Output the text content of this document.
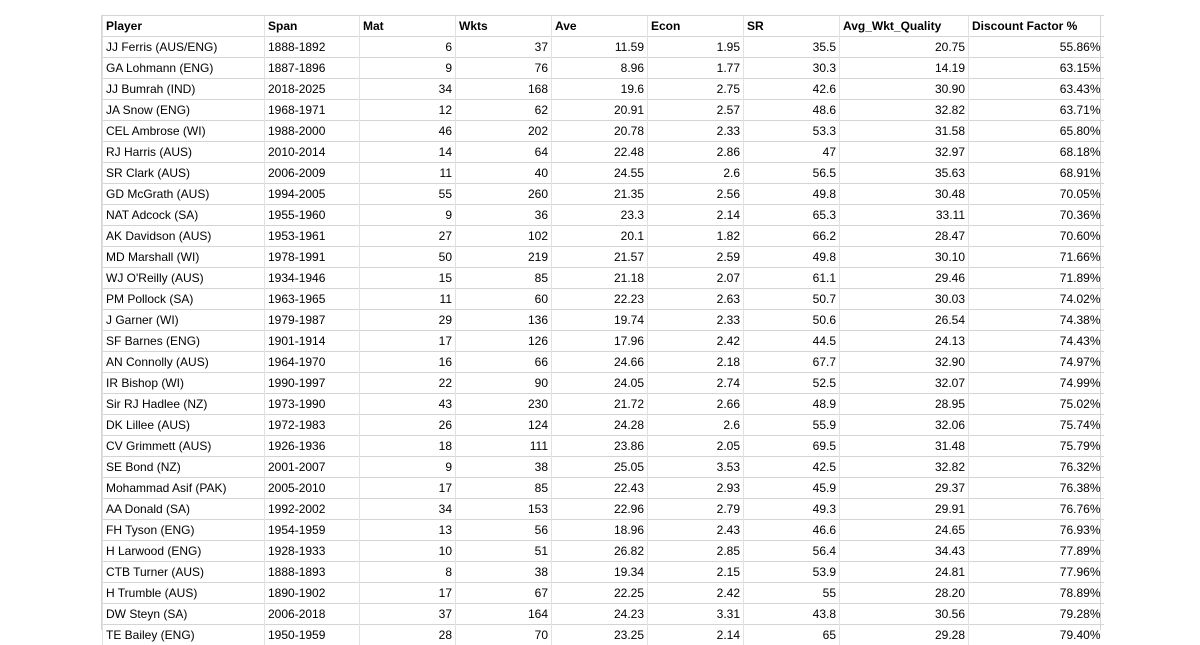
Player	Span	Mat	Wkts	Ave	Econ	SR	Avg_Wkt_Quality	Discount Factor %
JJ Ferris (AUS/ENG)	1888-1892	6	37	11.59	1.95	35.5	20.75	55.86%
GA Lohmann (ENG)	1887-1896	9	76	8.96	1.77	30.3	14.19	63.15%
JJ Bumrah (IND)	2018-2025	34	168	19.6	2.75	42.6	30.90	63.43%
JA Snow (ENG)	1968-1971	12	62	20.91	2.57	48.6	32.82	63.71%
CEL Ambrose (WI)	1988-2000	46	202	20.78	2.33	53.3	31.58	65.80%
RJ Harris (AUS)	2010-2014	14	64	22.48	2.86	47	32.97	68.18%
SR Clark (AUS)	2006-2009	11	40	24.55	2.6	56.5	35.63	68.91%
GD McGrath (AUS)	1994-2005	55	260	21.35	2.56	49.8	30.48	70.05%
NAT Adcock (SA)	1955-1960	9	36	23.3	2.14	65.3	33.11	70.36%
AK Davidson (AUS)	1953-1961	27	102	20.1	1.82	66.2	28.47	70.60%
MD Marshall (WI)	1978-1991	50	219	21.57	2.59	49.8	30.10	71.66%
WJ O'Reilly (AUS)	1934-1946	15	85	21.18	2.07	61.1	29.46	71.89%
PM Pollock (SA)	1963-1965	11	60	22.23	2.63	50.7	30.03	74.02%
J Garner (WI)	1979-1987	29	136	19.74	2.33	50.6	26.54	74.38%
SF Barnes (ENG)	1901-1914	17	126	17.96	2.42	44.5	24.13	74.43%
AN Connolly (AUS)	1964-1970	16	66	24.66	2.18	67.7	32.90	74.97%
IR Bishop (WI)	1990-1997	22	90	24.05	2.74	52.5	32.07	74.99%
Sir RJ Hadlee (NZ)	1973-1990	43	230	21.72	2.66	48.9	28.95	75.02%
DK Lillee (AUS)	1972-1983	26	124	24.28	2.6	55.9	32.06	75.74%
CV Grimmett (AUS)	1926-1936	18	111	23.86	2.05	69.5	31.48	75.79%
SE Bond (NZ)	2001-2007	9	38	25.05	3.53	42.5	32.82	76.32%
Mohammad Asif (PAK)	2005-2010	17	85	22.43	2.93	45.9	29.37	76.38%
AA Donald (SA)	1992-2002	34	153	22.96	2.79	49.3	29.91	76.76%
FH Tyson (ENG)	1954-1959	13	56	18.96	2.43	46.6	24.65	76.93%
H Larwood (ENG)	1928-1933	10	51	26.82	2.85	56.4	34.43	77.89%
CTB Turner (AUS)	1888-1893	8	38	19.34	2.15	53.9	24.81	77.96%
H Trumble (AUS)	1890-1902	17	67	22.25	2.42	55	28.20	78.89%
DW Steyn (SA)	2006-2018	37	164	24.23	3.31	43.8	30.56	79.28%
TE Bailey (ENG)	1950-1959	28	70	23.25	2.14	65	29.28	79.40%
